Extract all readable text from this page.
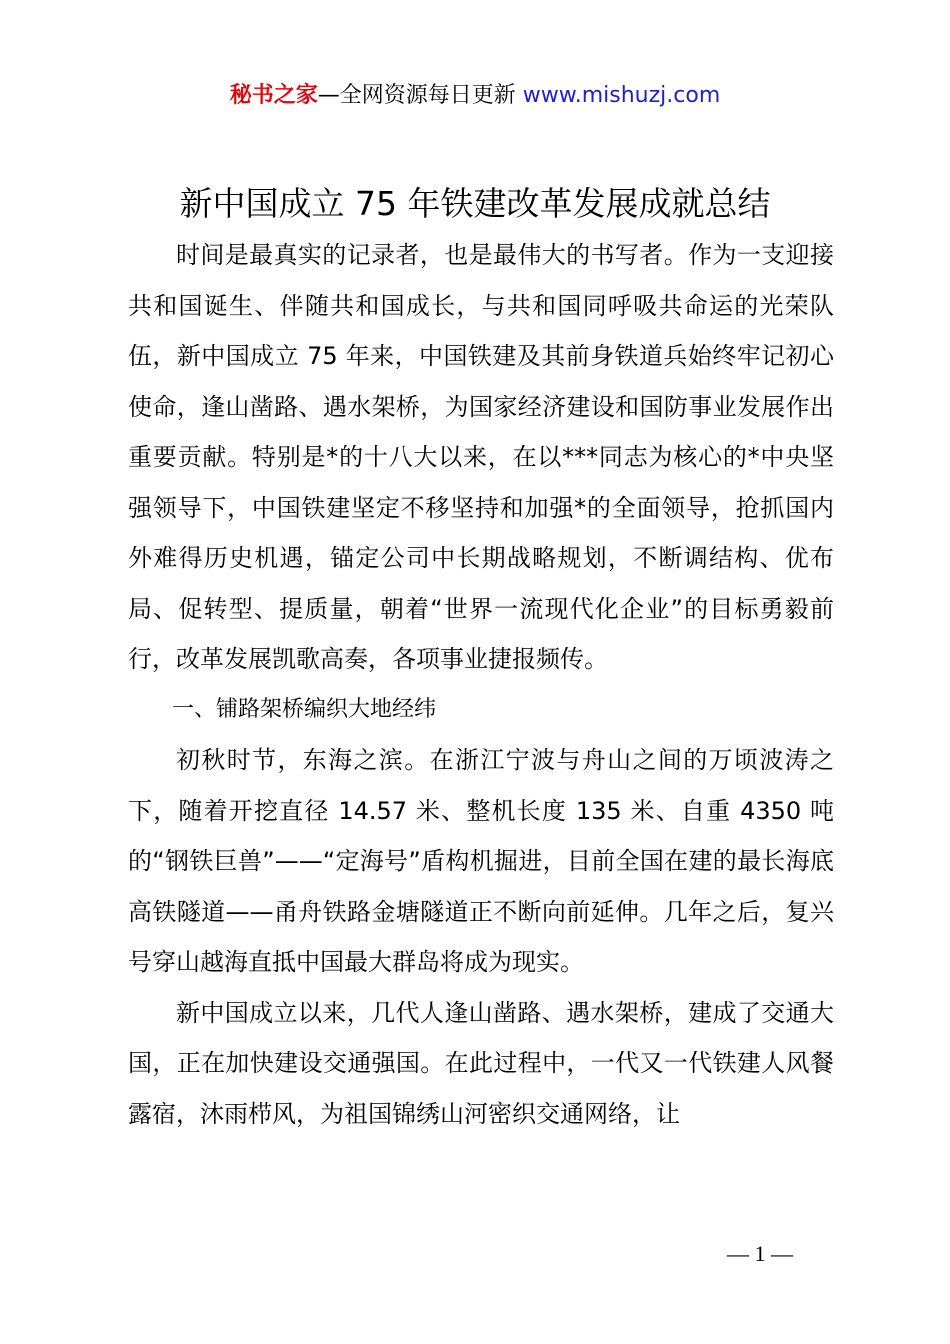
秘书之家—全网资源每日更新 www.mishuzj.com
新中国成立 75 年铁建改革发展成就总结

时间是最真实的记录者，也是最伟大的书写者。作为一支迎接共和国诞生、伴随共和国成长，与共和国同呼吸共命运的光荣队伍，新中国成立 75 年来，中国铁建及其前身铁道兵始终牢记初心使命，逢山凿路、遇水架桥，为国家经济建设和国防事业发展作出重要贡献。特别是*的十八大以来，在以***同志为核心的*中央坚强领导下，中国铁建坚定不移坚持和加强*的全面领导，抢抓国内外难得历史机遇，锚定公司中长期战略规划，不断调结构、优布局、促转型、提质量，朝着“世界一流现代化企业”的目标勇毅前行，改革发展凯歌高奏，各项事业捷报频传。

一、铺路架桥编织大地经纬

初秋时节，东海之滨。在浙江宁波与舟山之间的万顷波涛之下，随着开挖直径 14.57 米、整机长度 135 米、自重 4350 吨的“钢铁巨兽”——“定海号”盾构机掘进，目前全国在建的最长海底高铁隧道——甬舟铁路金塘隧道正不断向前延伸。几年之后，复兴号穿山越海直抵中国最大群岛将成为现实。

新中国成立以来，几代人逢山凿路、遇水架桥，建成了交通大国，正在加快建设交通强国。在此过程中，一代又一代铁建人风餐露宿，沐雨栉风，为祖国锦绣山河密织交通网络，让

— 1 —
